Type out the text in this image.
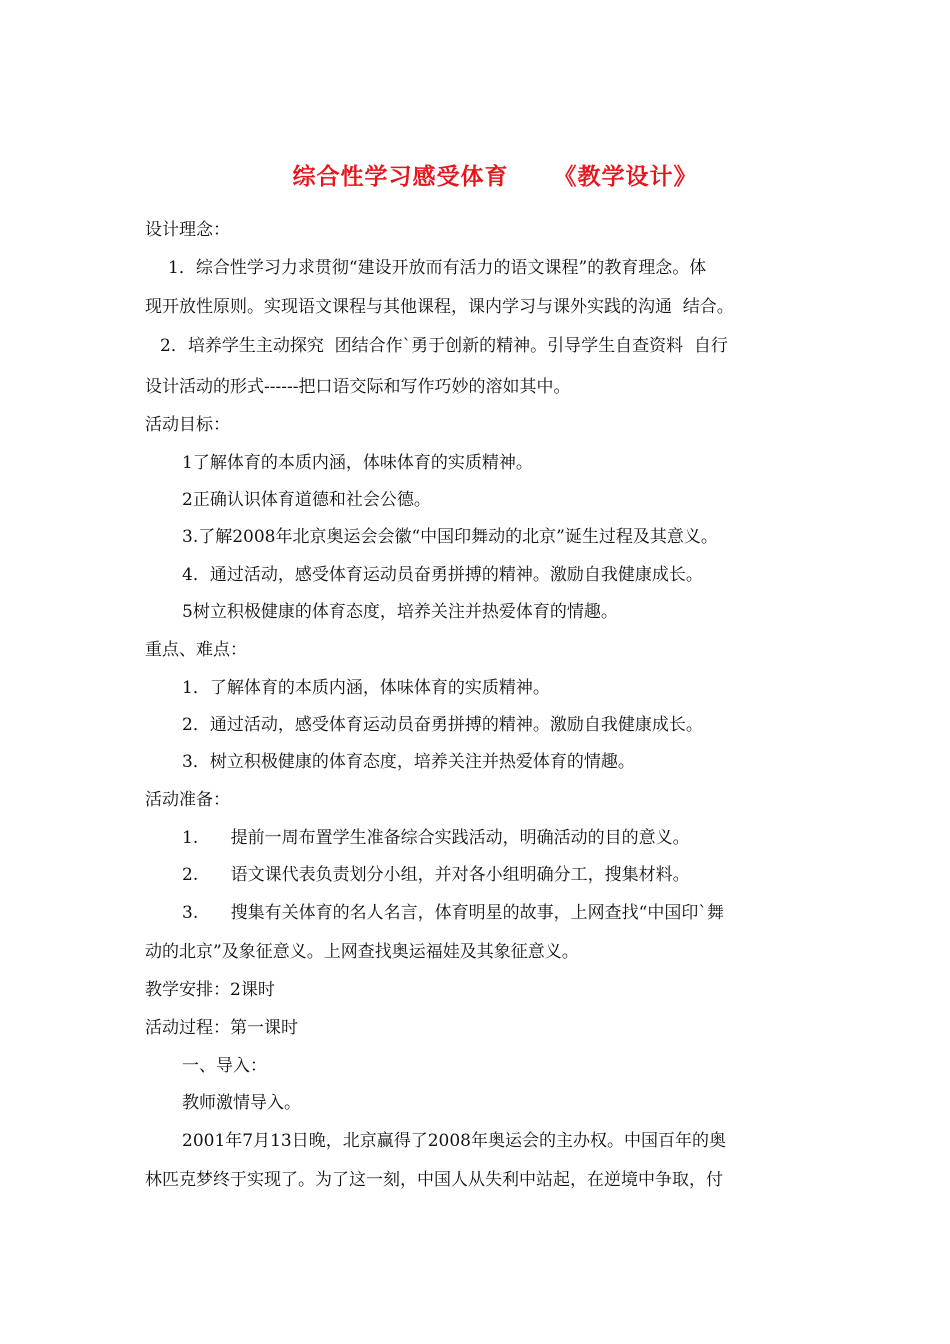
综合性学习感受体育     《教学设计》
设计理念：
1．综合性学习力求贯彻“建设开放而有活力的语文课程”的教育理念。体
现开放性原则。实现语文课程与其他课程，课内学习与课外实践的沟通  结合。
2．培养学生主动探究  团结合作`勇于创新的精神。引导学生自查资料  自行
设计活动的形式------把口语交际和写作巧妙的溶如其中。
活动目标：
1了解体育的本质内涵，体味体育的实质精神。
2正确认识体育道德和社会公德。
3.了解2008年北京奥运会会徽“中国印舞动的北京”诞生过程及其意义。
4．通过活动，感受体育运动员奋勇拼搏的精神。激励自我健康成长。
5树立积极健康的体育态度，培养关注并热爱体育的情趣。
重点、难点：
1．了解体育的本质内涵，体味体育的实质精神。
2．通过活动，感受体育运动员奋勇拼搏的精神。激励自我健康成长。
3．树立积极健康的体育态度，培养关注并热爱体育的情趣。
活动准备：
1.      提前一周布置学生准备综合实践活动，明确活动的目的意义。
2.      语文课代表负责划分小组，并对各小组明确分工，搜集材料。
3.      搜集有关体育的名人名言，体育明星的故事，上网查找“中国印`舞
动的北京”及象征意义。上网查找奥运福娃及其象征意义。
教学安排：2课时
活动过程：第一课时
一、导入：
教师激情导入。
2001年7月13日晚，北京赢得了2008年奥运会的主办权。中国百年的奥
林匹克梦终于实现了。为了这一刻，中国人从失利中站起，在逆境中争取，付
